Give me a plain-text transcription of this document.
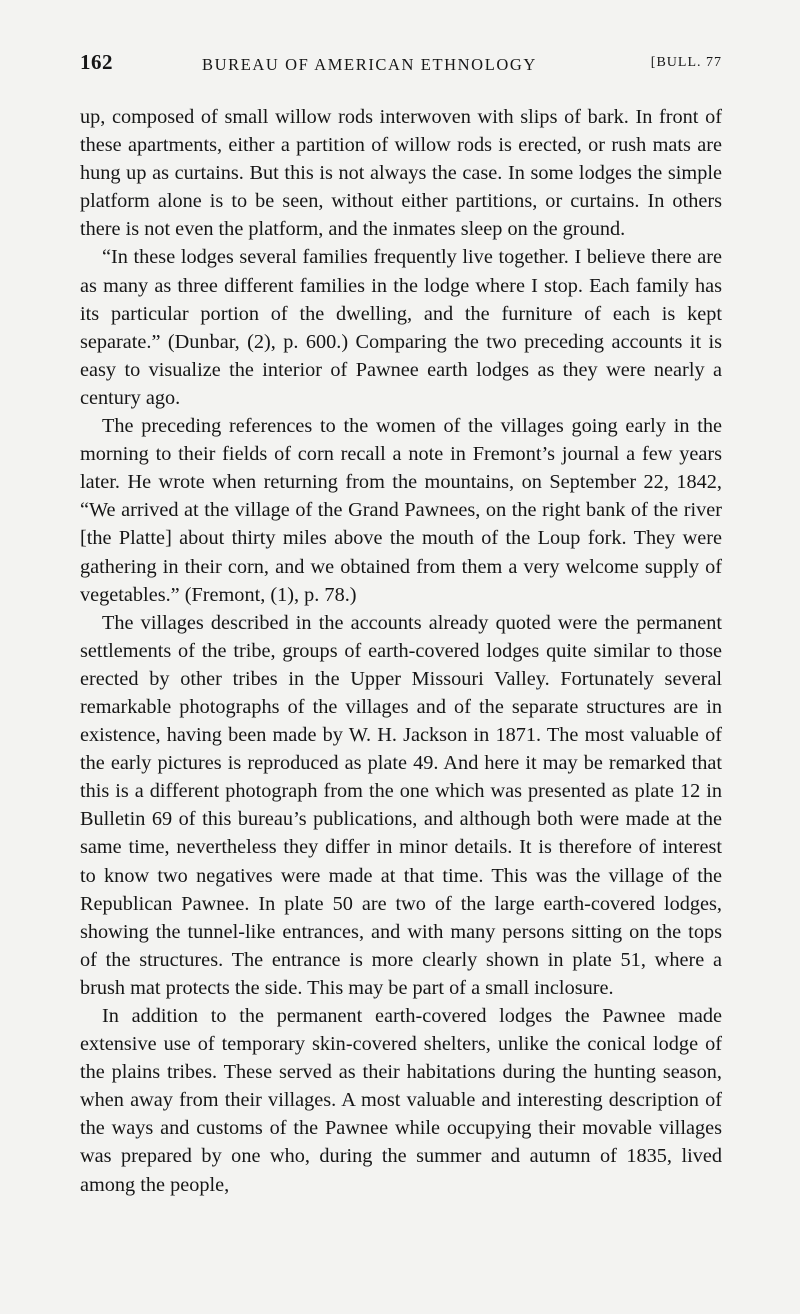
162	BUREAU OF AMERICAN ETHNOLOGY	[BULL. 77

up, composed of small willow rods interwoven with slips of bark. In front of these apartments, either a partition of willow rods is erected, or rush mats are hung up as curtains. But this is not always the case. In some lodges the simple platform alone is to be seen, without either partitions, or curtains. In others there is not even the platform, and the inmates sleep on the ground.

“In these lodges several families frequently live together. I believe there are as many as three different families in the lodge where I stop. Each family has its particular portion of the dwelling, and the furniture of each is kept separate.” (Dunbar, (2), p. 600.) Comparing the two preceding accounts it is easy to visualize the interior of Pawnee earth lodges as they were nearly a century ago.

The preceding references to the women of the villages going early in the morning to their fields of corn recall a note in Fremont’s journal a few years later. He wrote when returning from the mountains, on September 22, 1842, “We arrived at the village of the Grand Pawnees, on the right bank of the river [the Platte] about thirty miles above the mouth of the Loup fork. They were gathering in their corn, and we obtained from them a very welcome supply of vegetables.” (Fremont, (1), p. 78.)

The villages described in the accounts already quoted were the permanent settlements of the tribe, groups of earth-covered lodges quite similar to those erected by other tribes in the Upper Missouri Valley. Fortunately several remarkable photographs of the villages and of the separate structures are in existence, having been made by W. H. Jackson in 1871. The most valuable of the early pictures is reproduced as plate 49. And here it may be remarked that this is a different photograph from the one which was presented as plate 12 in Bulletin 69 of this bureau’s publications, and although both were made at the same time, nevertheless they differ in minor details. It is therefore of interest to know two negatives were made at that time. This was the village of the Republican Pawnee. In plate 50 are two of the large earth-covered lodges, showing the tunnel-like entrances, and with many persons sitting on the tops of the structures. The entrance is more clearly shown in plate 51, where a brush mat protects the side. This may be part of a small inclosure.

In addition to the permanent earth-covered lodges the Pawnee made extensive use of temporary skin-covered shelters, unlike the conical lodge of the plains tribes. These served as their habitations during the hunting season, when away from their villages. A most valuable and interesting description of the ways and customs of the Pawnee while occupying their movable villages was prepared by one who, during the summer and autumn of 1835, lived among the people,
